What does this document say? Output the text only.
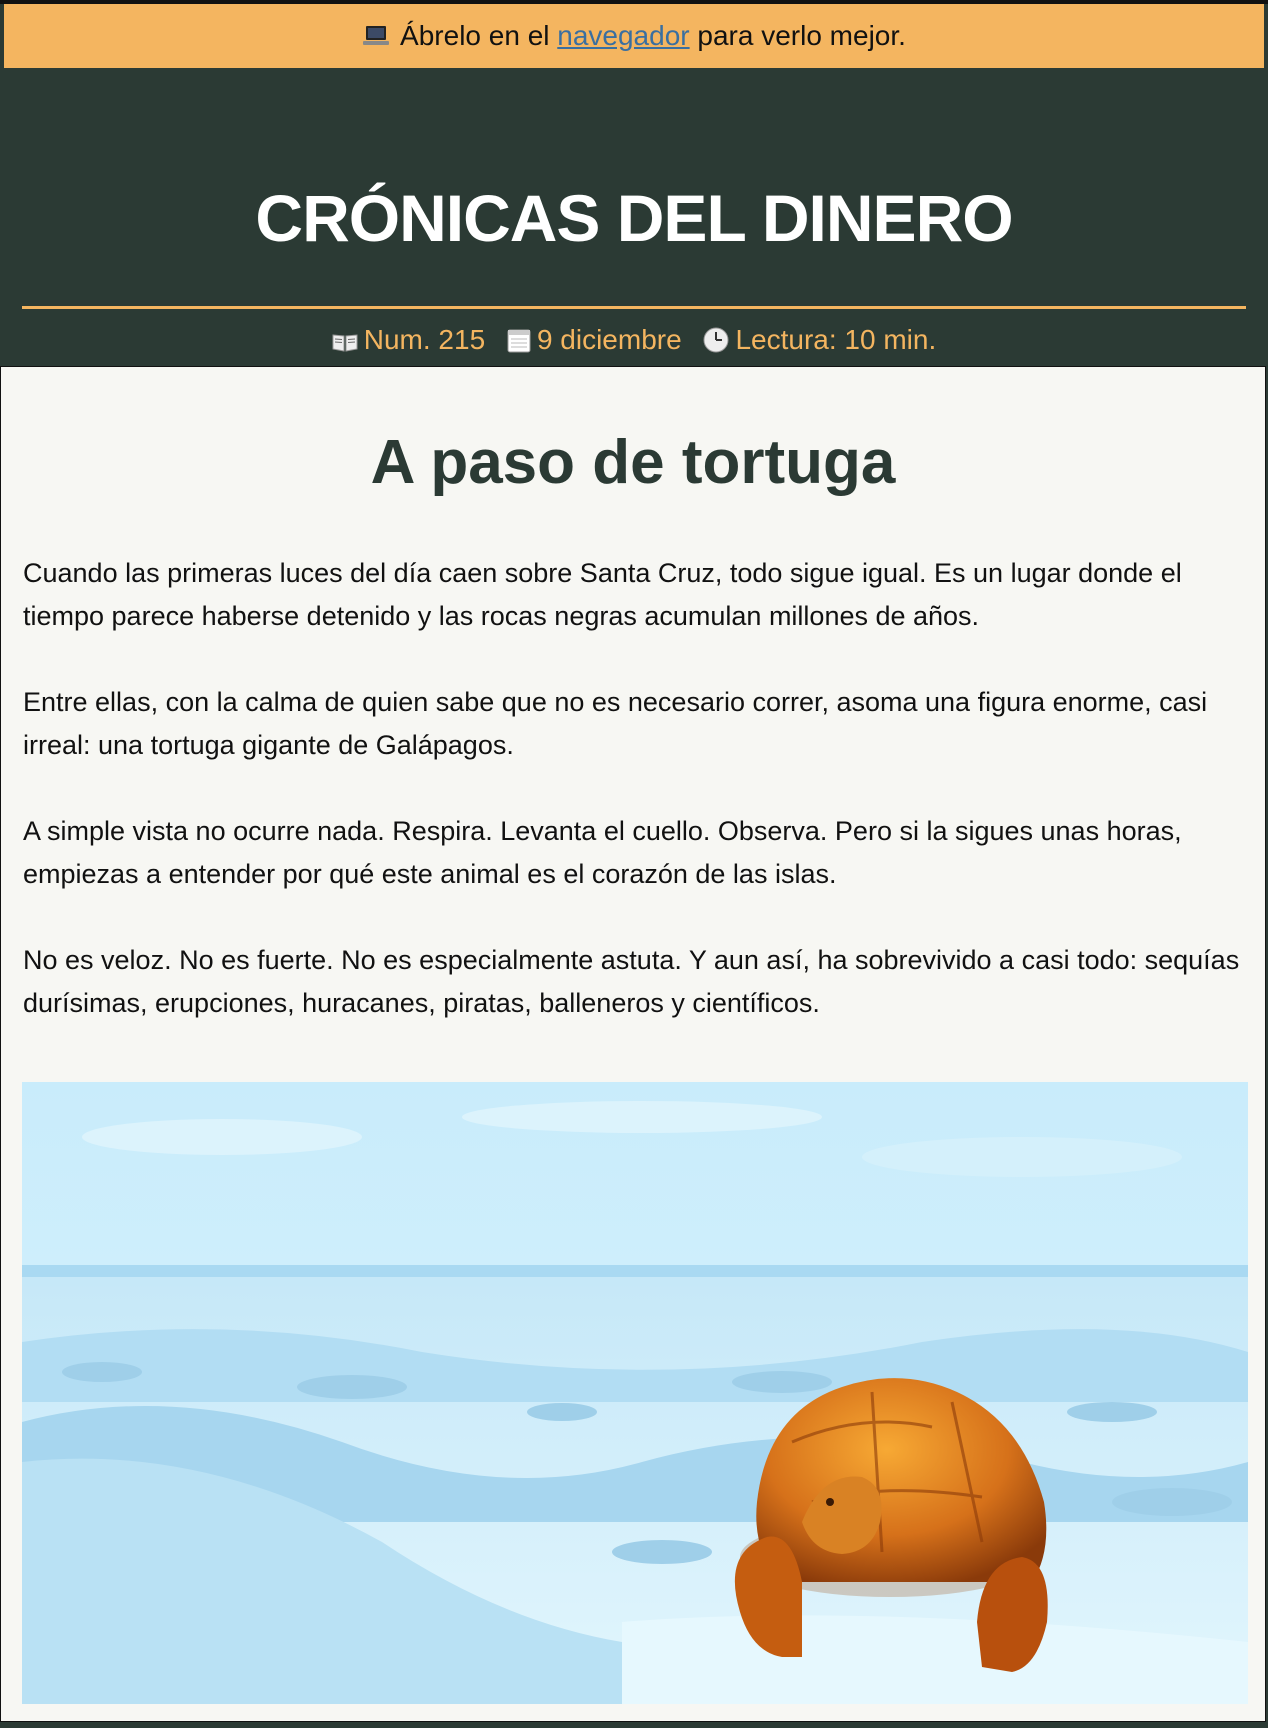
Ábrelo en el navegador para verlo mejor.
CRÓNICAS DEL DINERO
Num. 215 9 diciembre Lectura: 10 min.
A paso de tortuga

Cuando las primeras luces del día caen sobre Santa Cruz, todo sigue igual. Es un lugar donde el tiempo parece haberse detenido y las rocas negras acumulan millones de años.

Entre ellas, con la calma de quien sabe que no es necesario correr, asoma una figura enorme, casi irreal: una tortuga gigante de Galápagos.

A simple vista no ocurre nada. Respira. Levanta el cuello. Observa. Pero si la sigues unas horas, empiezas a entender por qué este animal es el corazón de las islas.

No es veloz. No es fuerte. No es especialmente astuta. Y aun así, ha sobrevivido a casi todo: sequías durísimas, erupciones, huracanes, piratas, balleneros y científicos.
